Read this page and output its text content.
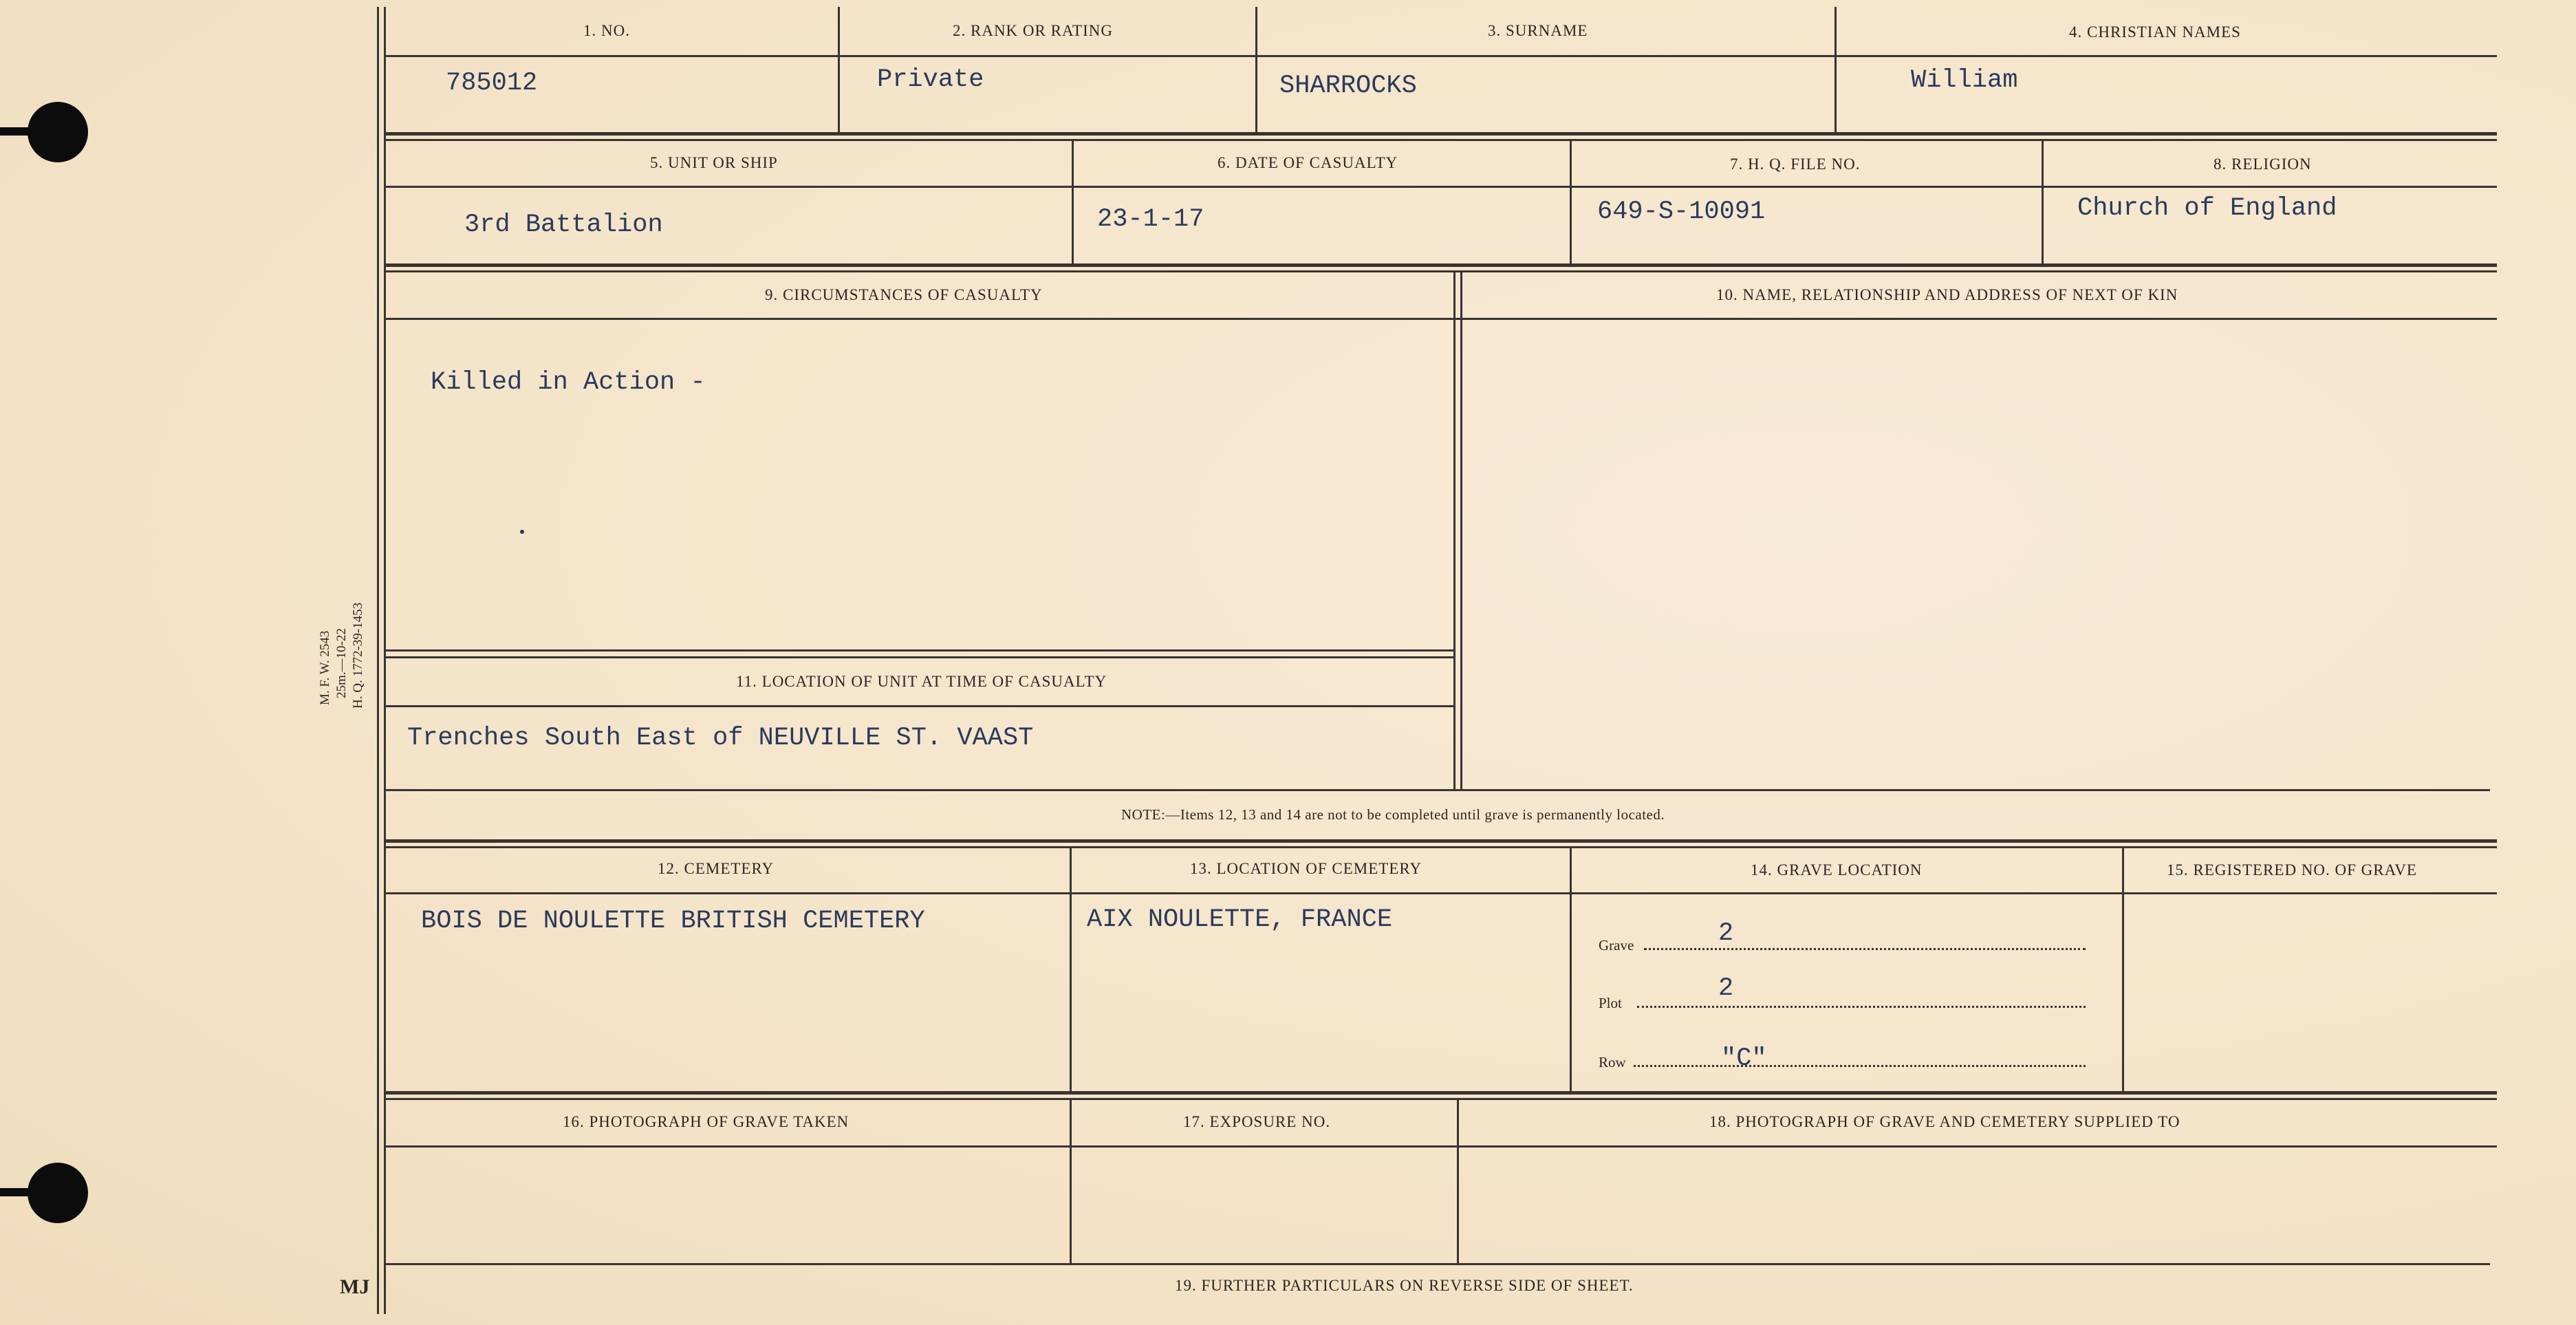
M. F. W. 2543 25m.—10-22 H. Q. 1772-39-1453
1. NO.
785012
2. RANK OR RATING
Private
3. SURNAME
SHARROCKS
4. CHRISTIAN NAMES
William
5. UNIT OR SHIP
3rd Battalion
6. DATE OF CASUALTY
23-1-17
7. H. Q. FILE NO.
649-S-10091
8. RELIGION
Church of England
9. CIRCUMSTANCES OF CASUALTY
Killed in Action -
10. NAME, RELATIONSHIP AND ADDRESS OF NEXT OF KIN
11. LOCATION OF UNIT AT TIME OF CASUALTY
Trenches South East of NEUVILLE ST. VAAST
NOTE:—Items 12, 13 and 14 are not to be completed until grave is permanently located.
12. CEMETERY
BOIS DE NOULETTE BRITISH CEMETERY
13. LOCATION OF CEMETERY
AIX NOULETTE, FRANCE
14. GRAVE LOCATION	15. REGISTERED NO. OF GRAVE
Grave	2
Plot	2
Row	"C"
16. PHOTOGRAPH OF GRAVE TAKEN	17. EXPOSURE NO.	18. PHOTOGRAPH OF GRAVE AND CEMETERY SUPPLIED TO
19. FURTHER PARTICULARS ON REVERSE SIDE OF SHEET.
MJ
